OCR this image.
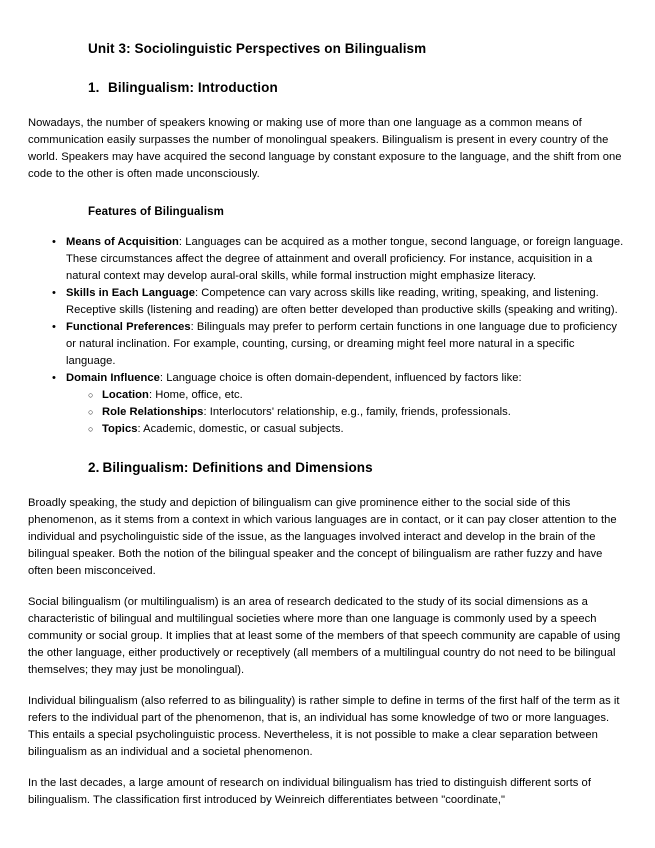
Unit 3: Sociolinguistic Perspectives on Bilingualism
1. Bilingualism: Introduction

Nowadays, the number of speakers knowing or making use of more than one language as a common means of communication easily surpasses the number of monolingual speakers. Bilingualism is present in every country of the world. Speakers may have acquired the second language by constant exposure to the language, and the shift from one code to the other is often made unconsciously.

Features of Bilingualism
• Means of Acquisition: Languages can be acquired as a mother tongue, second language, or foreign language. These circumstances affect the degree of attainment and overall proficiency. For instance, acquisition in a natural context may develop aural-oral skills, while formal instruction might emphasize literacy.
• Skills in Each Language: Competence can vary across skills like reading, writing, speaking, and listening. Receptive skills (listening and reading) are often better developed than productive skills (speaking and writing).
• Functional Preferences: Bilinguals may prefer to perform certain functions in one language due to proficiency or natural inclination. For example, counting, cursing, or dreaming might feel more natural in a specific language.
• Domain Influence: Language choice is often domain-dependent, influenced by factors like:
○ Location: Home, office, etc.
○ Role Relationships: Interlocutors' relationship, e.g., family, friends, professionals.
○ Topics: Academic, domestic, or casual subjects.
2. Bilingualism: Definitions and Dimensions

Broadly speaking, the study and depiction of bilingualism can give prominence either to the social side of this phenomenon, as it stems from a context in which various languages are in contact, or it can pay closer attention to the individual and psycholinguistic side of the issue, as the languages involved interact and develop in the brain of the bilingual speaker. Both the notion of the bilingual speaker and the concept of bilingualism are rather fuzzy and have often been misconceived.

Social bilingualism (or multilingualism) is an area of research dedicated to the study of its social dimensions as a characteristic of bilingual and multilingual societies where more than one language is commonly used by a speech community or social group. It implies that at least some of the members of that speech community are capable of using the other language, either productively or receptively (all members of a multilingual country do not need to be bilingual themselves; they may just be monolingual).

Individual bilingualism (also referred to as bilinguality) is rather simple to define in terms of the first half of the term as it refers to the individual part of the phenomenon, that is, an individual has some knowledge of two or more languages. This entails a special psycholinguistic process. Nevertheless, it is not possible to make a clear separation between bilingualism as an individual and a societal phenomenon.

In the last decades, a large amount of research on individual bilingualism has tried to distinguish different sorts of bilingualism. The classification first introduced by Weinreich differentiates between "coordinate,"
